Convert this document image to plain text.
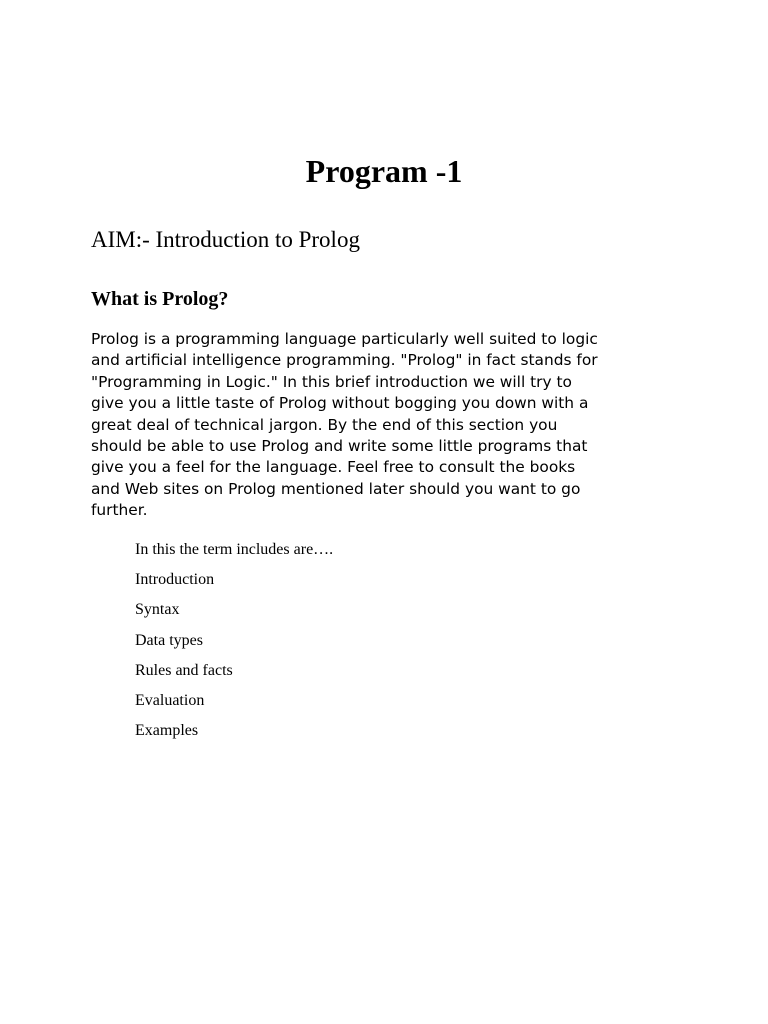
Program -1

AIM:- Introduction to Prolog

What is Prolog?

Prolog is a programming language particularly well suited to logic
and artificial intelligence programming. "Prolog" in fact stands for
"Programming in Logic." In this brief introduction we will try to
give you a little taste of Prolog without bogging you down with a
great deal of technical jargon. By the end of this section you
should be able to use Prolog and write some little programs that
give you a feel for the language. Feel free to consult the books
and Web sites on Prolog mentioned later should you want to go
further.

In this the term includes are….

Introduction
Syntax
Data types
Rules and facts
Evaluation
Examples
